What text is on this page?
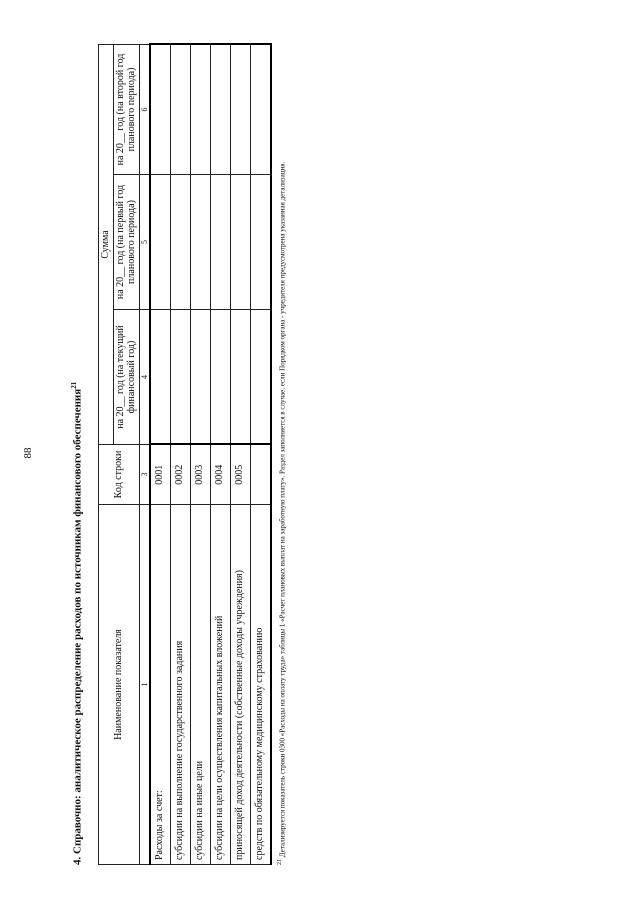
88	4. Справочно: аналитическое распределение расходов по источникам финансового обеспечения$^{21}$
Наименование показателя	Код строки	Сумма		
		на 20__ год (на текущий финансовый год)	на 20__ год (на первый год планового периода)	на 20__ год (на второй год планового периода)
1	3	4	5	6
Расходы за счет:	0001			
субсидии на выполнение государственного задания	0002			
субсидии на иные цели	0003			
субсидии на цели осуществления капитальных вложений	0004			
приносящей доход деятельности (собственные доходы учреждения)	0005			
средств по обязательному медицинскому страхованию				
$^{21}$ Детализируется показатель строки 0300 «Расходы на оплату труда» таблицы 1 «Расчет плановых выплат на заработную плату». Раздел заполняется в случае, если Порядком органа - учредителя предусмотрена указанная детализация.
